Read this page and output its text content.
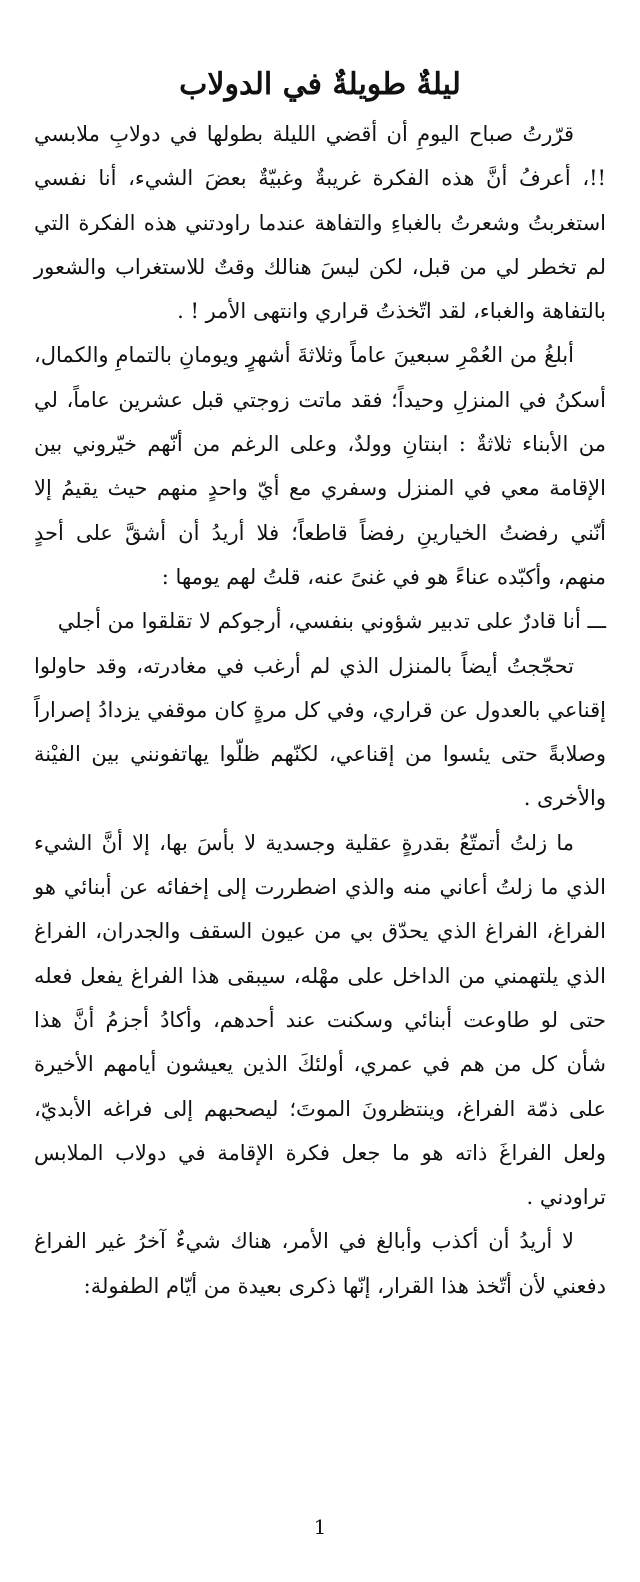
ليلةٌ طويلةٌ في الدولاب

قرّرتُ صباح اليومِ أن أقضي الليلة بطولها في دولابِ ملابسي !!، أعرفُ أنَّ هذه الفكرة غريبةٌ وغبيّةٌ بعضَ الشيء، أنا نفسي استغربتُ وشعرتُ بالغباءِ والتفاهة عندما راودتني هذه الفكرة التي لم تخطر لي من قبل، لكن ليسَ هنالك وقتٌ للاستغراب والشعور بالتفاهة والغباء، لقد اتّخذتُ قراري وانتهى الأمر ! .

أبلغُ من العُمْرِ سبعينَ عاماً وثلاثةَ أشهرٍ ويومانِ بالتمامِ والكمال، أسكنُ في المنزلِ وحيداً؛ فقد ماتت زوجتي قبل عشرين عاماً، لي من الأبناء ثلاثةٌ : ابنتانِ وولدٌ، وعلى الرغم من أنّهم خيّروني بين الإقامة معي في المنزل وسفري مع أيّ واحدٍ منهم حيث يقيمُ إلا أنّني رفضتُ الخيارينِ رفضاً قاطعاً؛ فلا أريدُ أن أشقَّ على أحدٍ منهم، وأكبّده عناءً هو في غنىً عنه، قلتُ لهم يومها :

ـــ أنا قادرٌ على تدبير شؤوني بنفسي، أرجوكم لا تقلقوا من أجلي

تحجّجتُ أيضاً بالمنزل الذي لم أرغب في مغادرته، وقد حاولوا إقناعي بالعدول عن قراري، وفي كل مرةٍ كان موقفي يزدادُ إصراراً وصلابةً حتى يئسوا من إقناعي، لكنّهم ظلّوا يهاتفونني بين الفيْنة والأخرى .

ما زلتُ أتمتّعُ بقدرةٍ عقلية وجسدية لا بأسَ بها، إلا أنَّ الشيء الذي ما زلتُ أعاني منه والذي اضطررت إلى إخفائه عن أبنائي هو الفراغ، الفراغ الذي يحدّق بي من عيون السقف والجدران، الفراغ الذي يلتهمني من الداخل على مهْله، سيبقى هذا الفراغ يفعل فعله حتى لو طاوعت أبنائي وسكنت عند أحدهم، وأكادُ أجزمُ أنَّ هذا شأن كل من هم في عمري، أولئكَ الذين يعيشون أيامهم الأخيرة على ذمّة الفراغ، وينتظرونَ الموتَ؛ ليصحبهم إلى فراغه الأبديّ، ولعل الفراغَ ذاته هو ما جعل فكرة الإقامة في دولاب الملابس تراودني .

لا أريدُ أن أكذب وأبالغ في الأمر، هناك شيءٌ آخرُ غير الفراغ دفعني لأن أتّخذ هذا القرار، إنّها ذكرى بعيدة من أيّام الطفولة:

1
